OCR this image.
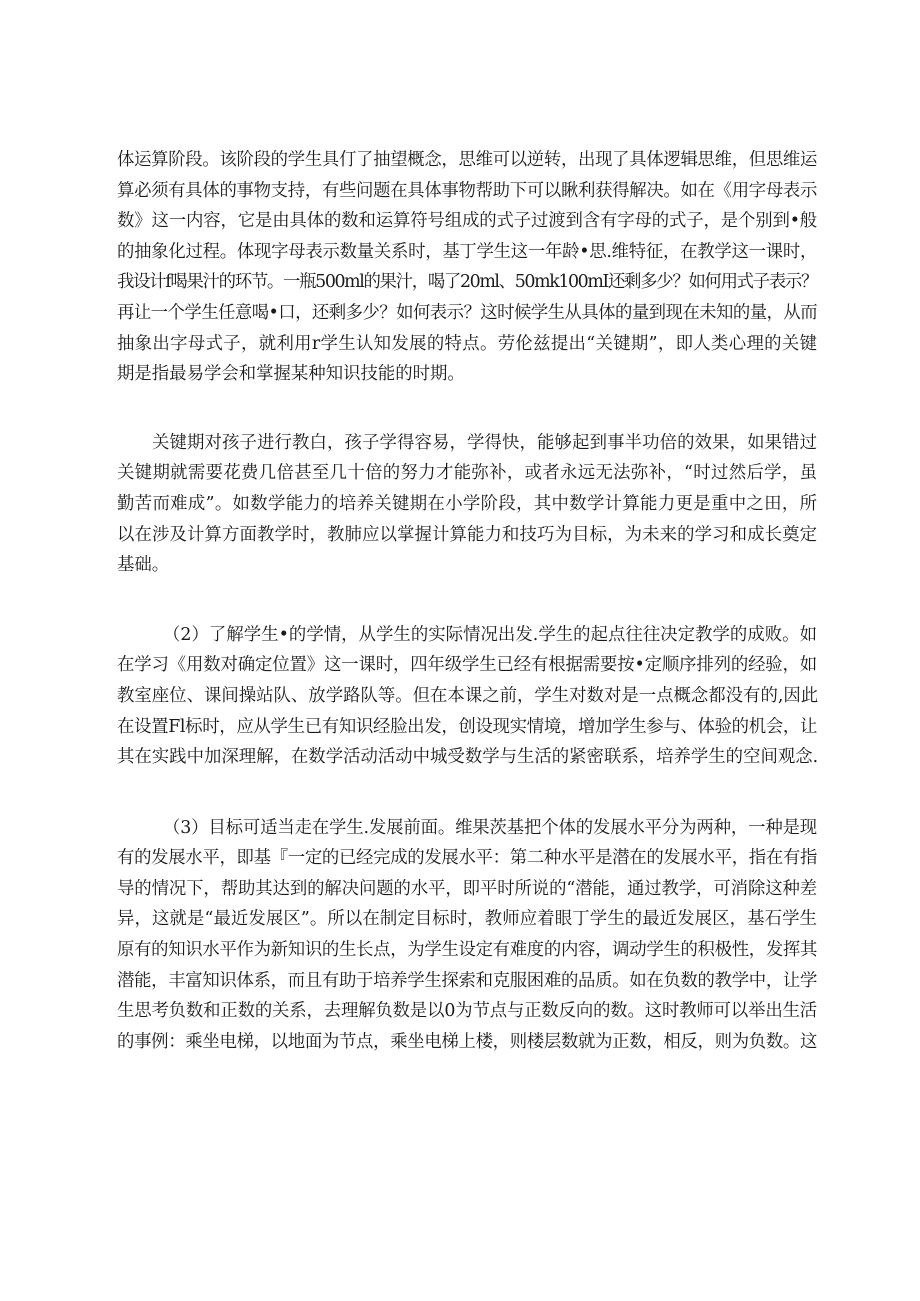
体运算阶段。该阶段的学生具仃了抽望概念，思维可以逆转，出现了具体逻辑思维，但思维运
算必须有具体的事物支持，有些问题在具体事物帮助下可以瞅利获得解决。如在《用字母表示
数》这一内容，它是由具体的数和运算符号组成的式子过渡到含有字母的式子，是个别到•般
的抽象化过程。体现字母表示数量关系时，基丁学生这一年龄•思.维特征，在教学这一课时，
我设计f喝果汁的环节。一瓶500ml的果汁，喝了20ml、50mk100mI还剩多少？如何用式子表示？
再让一个学生任意喝•口，还剩多少？如何表示？这时候学生从具体的量到现在未知的量，从而
抽象出字母式子，就利用r学生认知发展的特点。劳伦兹提出“关键期”，即人类心理的关键
期是指最易学会和掌握某种知识技能的时期。
关键期对孩子进行教白，孩子学得容易，学得快，能够起到事半功倍的效果，如果错过
关键期就需要花费几倍甚至几十倍的努力才能弥补，或者永远无法弥补，“时过然后学，虽
勤苦而难成”。如数学能力的培养关键期在小学阶段，其中数学计算能力更是重中之田，所
以在涉及计算方面教学时，教肺应以掌握计算能力和技巧为目标，为未来的学习和成长奠定
基础。
（2）了解学生•的学情，从学生的实际情况出发.学生的起点往往决定教学的成败。如
在学习《用数对确定位置》这一课时，四年级学生已经有根据需要按•定顺序排列的经验，如
教室座位、课间操站队、放学路队等。但在本课之前，学生对数对是一点概念都没有的,因此
在设置Fl标时，应从学生已有知识经脸出发，创设现实情境，增加学生参与、体验的机会，让
其在实践中加深理解，在数学活动活动中城受数学与生活的紧密联系，培养学生的空间观念.
（3）目标可适当走在学生.发展前面。维果茨基把个体的发展水平分为两种，一种是现
有的发展水平，即基『一定的已经完成的发展水平：第二种水平是潜在的发展水平，指在有指
导的情况下，帮助其达到的解决问题的水平，即平时所说的“潜能，通过教学，可消除这种差
异，这就是“最近发展区”。所以在制定目标时，教师应着眼丁学生的最近发展区，基石学生
原有的知识水平作为新知识的生长点，为学生设定有难度的内容，调动学生的积极性，发挥其
潜能，丰富知识体系，而且有助于培养学生探索和克服困难的品质。如在负数的教学中，让学
生思考负数和正数的关系，去理解负数是以0为节点与正数反向的数。这时教师可以举出生活
的事例：乘坐电梯，以地面为节点，乘坐电梯上楼，则楼层数就为正数，相反，则为负数。这
